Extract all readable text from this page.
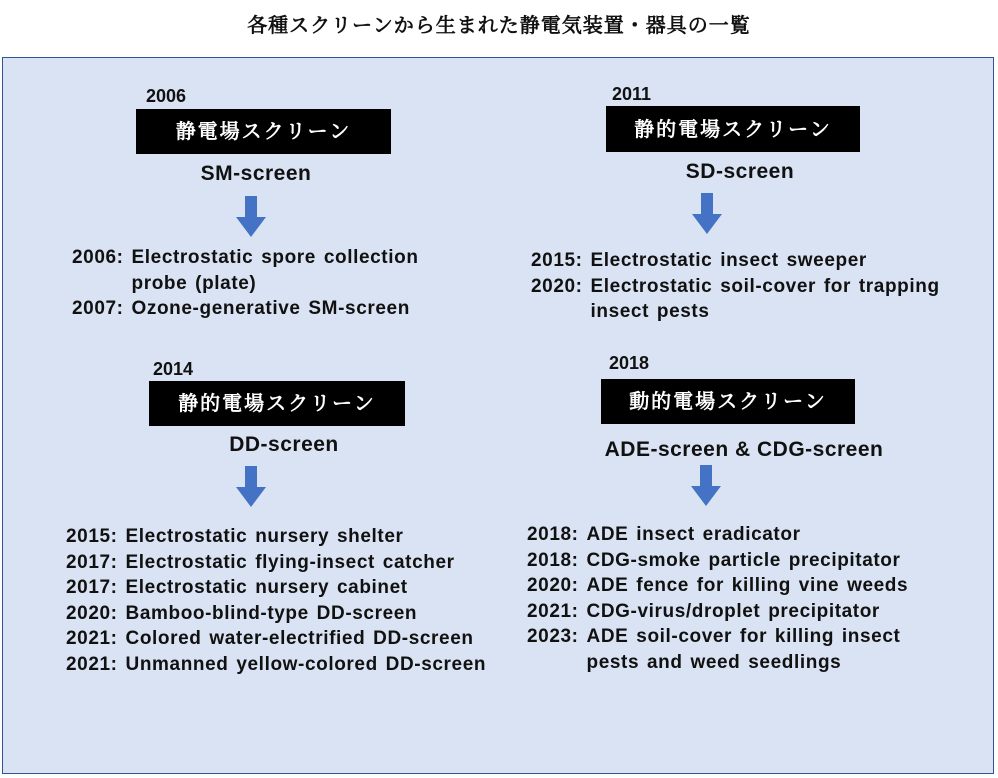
各種スクリーンから生まれた静電気装置・器具の一覧
2006
静電場スクリーン
SM-screen
2006:
Electrostatic spore collection probe (plate)
2007:
Ozone-generative SM-screen
2011
静的電場スクリーン
SD-screen
2015:
Electrostatic insect sweeper
2020:
Electrostatic soil-cover for trapping insect pests
2014
静的電場スクリーン
DD-screen
2015:
Electrostatic nursery shelter
2017:
Electrostatic flying-insect catcher
2017:
Electrostatic nursery cabinet
2020:
Bamboo-blind-type DD-screen
2021:
Colored water-electrified DD-screen
2021:
Unmanned yellow-colored DD-screen
2018
動的電場スクリーン
ADE-screen & CDG-screen
2018:
ADE insect eradicator
2018:
CDG-smoke particle precipitator
2020:
ADE fence for killing vine weeds
2021:
CDG-virus/droplet precipitator
2023:
ADE soil-cover for killing insect pests and weed seedlings
